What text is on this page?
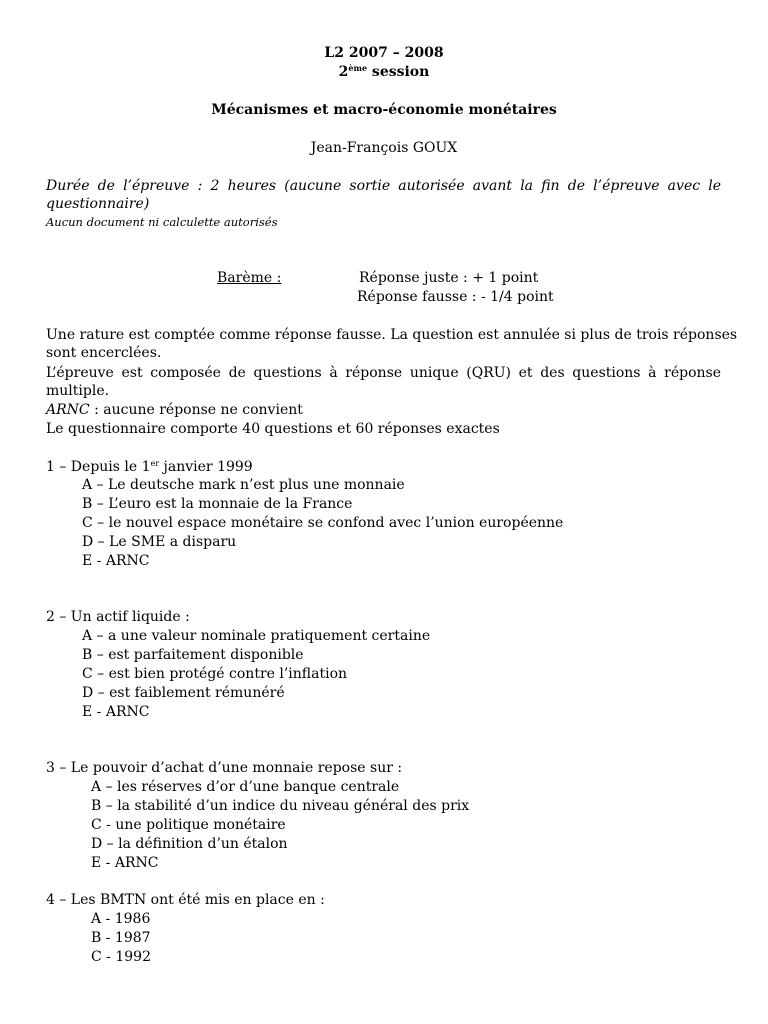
L2 2007 – 2008
2ème session
Mécanismes et macro-économie monétaires
Jean-François GOUX
Durée de l’épreuve : 2 heures (aucune sortie autorisée avant la fin de l’épreuve avec le
questionnaire)
Aucun document ni calculette autorisés
Barème :	Réponse juste : + 1 point
Réponse fausse : - 1/4 point
Une rature est comptée comme réponse fausse. La question est annulée si plus de trois réponses
sont encerclées.
L’épreuve est composée de questions à réponse unique (QRU) et des questions à réponse
multiple.
ARNC : aucune réponse ne convient
Le questionnaire comporte 40 questions et 60 réponses exactes
1 – Depuis le 1er janvier 1999
A – Le deutsche mark n’est plus une monnaie
B – L’euro est la monnaie de la France
C – le nouvel espace monétaire se confond avec l’union européenne
D – Le SME a disparu
E - ARNC
2 – Un actif liquide :
A – a une valeur nominale pratiquement certaine
B – est parfaitement disponible
C – est bien protégé contre l’inflation
D – est faiblement rémunéré
E - ARNC
3 – Le pouvoir d’achat d’une monnaie repose sur :
A – les réserves d’or d’une banque centrale
B – la stabilité d’un indice du niveau général des prix
C - une politique monétaire
D – la définition d’un étalon
E - ARNC
4 – Les BMTN ont été mis en place en :
A - 1986
B - 1987
C - 1992
